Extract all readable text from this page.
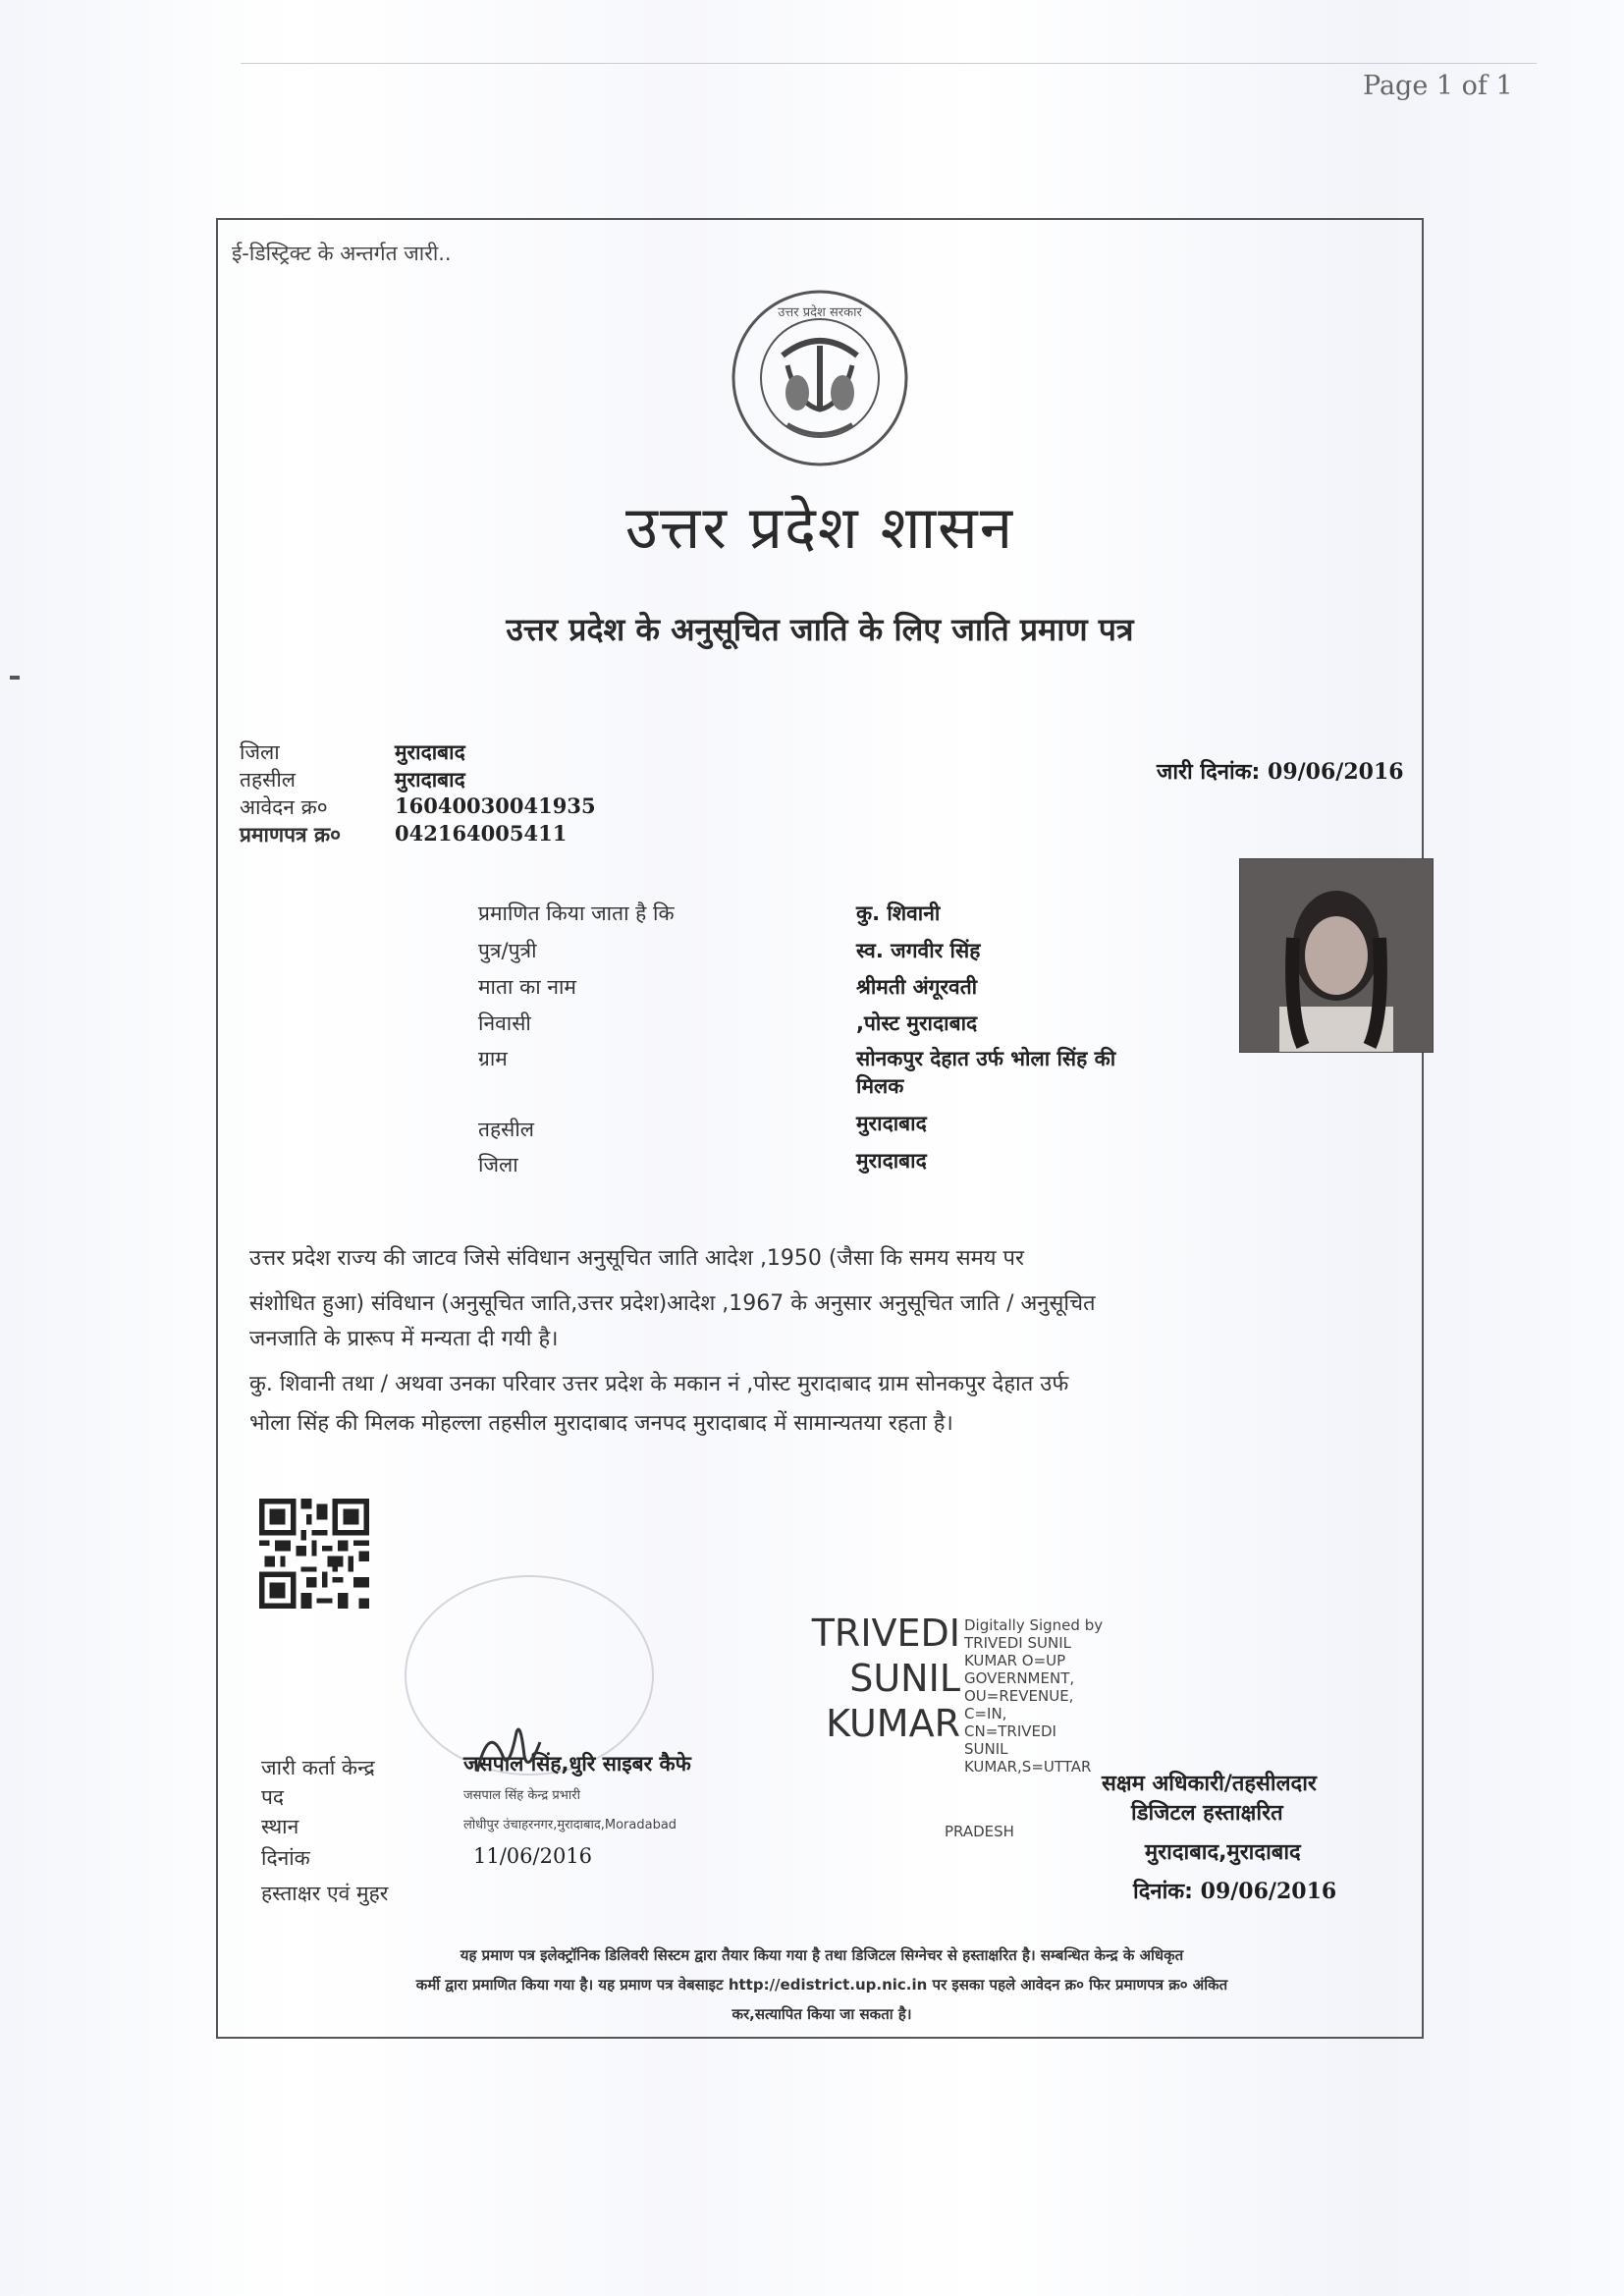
Page 1 of 1
ई-डिस्ट्रिक्ट के अन्तर्गत जारी..
उत्तर प्रदेश सरकार
उत्तर प्रदेश शासन
उत्तर प्रदेश के अनुसूचित जाति के लिए जाति प्रमाण पत्र
जिला	मुरादाबाद
तहसील	मुरादाबाद
आवेदन क्र०	16040030041935
प्रमाणपत्र क्र०	042164005411
जारी दिनांक: 09/06/2016
प्रमाणित किया जाता है कि	कु. शिवानी
पुत्र/पुत्री	स्व. जगवीर सिंह
माता का नाम	श्रीमती अंगूरवती
निवासी	,पोस्ट मुरादाबाद
ग्राम	सोनकपुर देहात उर्फ भोला सिंह की
मिलक
तहसील	मुरादाबाद
जिला	मुरादाबाद
उत्तर प्रदेश राज्य की जाटव जिसे संविधान अनुसूचित जाति आदेश ,1950 (जैसा कि समय समय पर
संशोधित हुआ) संविधान (अनुसूचित जाति,उत्तर प्रदेश)आदेश ,1967 के अनुसार अनुसूचित जाति / अनुसूचित
जनजाति के प्रारूप में मन्यता दी गयी है।
कु. शिवानी तथा / अथवा उनका परिवार उत्तर प्रदेश के मकान नं ,पोस्ट मुरादाबाद ग्राम सोनकपुर देहात उर्फ
भोला सिंह की मिलक मोहल्ला तहसील मुरादाबाद जनपद मुरादाबाद में सामान्यतया रहता है।
TRIVEDI
SUNIL
KUMAR
Digitally Signed by
TRIVEDI SUNIL
KUMAR O=UP
GOVERNMENT,
OU=REVENUE,
C=IN,
CN=TRIVEDI
SUNIL
KUMAR,S=UTTAR
PRADESH
जारी कर्ता केन्द्र	जसपाल सिंह,धुरि साइबर कैफे
पद	जसपाल सिंह केन्द्र प्रभारी
स्थान	लोधीपुर उंचाहरनगर,मुरादाबाद,Moradabad
दिनांक	11/06/2016
हस्ताक्षर एवं मुहर
सक्षम अधिकारी/तहसीलदार
डिजिटल हस्ताक्षरित
मुरादाबाद,मुरादाबाद
दिनांक: 09/06/2016
यह प्रमाण पत्र इलेक्ट्रॉनिक डिलिवरी सिस्टम द्वारा तैयार किया गया है तथा डिजिटल सिग्नेचर से हस्ताक्षरित है। सम्बन्धित केन्द्र के अधिकृत
कर्मी द्वारा प्रमाणित किया गया है। यह प्रमाण पत्र वेबसाइट http://edistrict.up.nic.in पर इसका पहले आवेदन क्र० फिर प्रमाणपत्र क्र० अंकित
कर,सत्यापित किया जा सकता है।
